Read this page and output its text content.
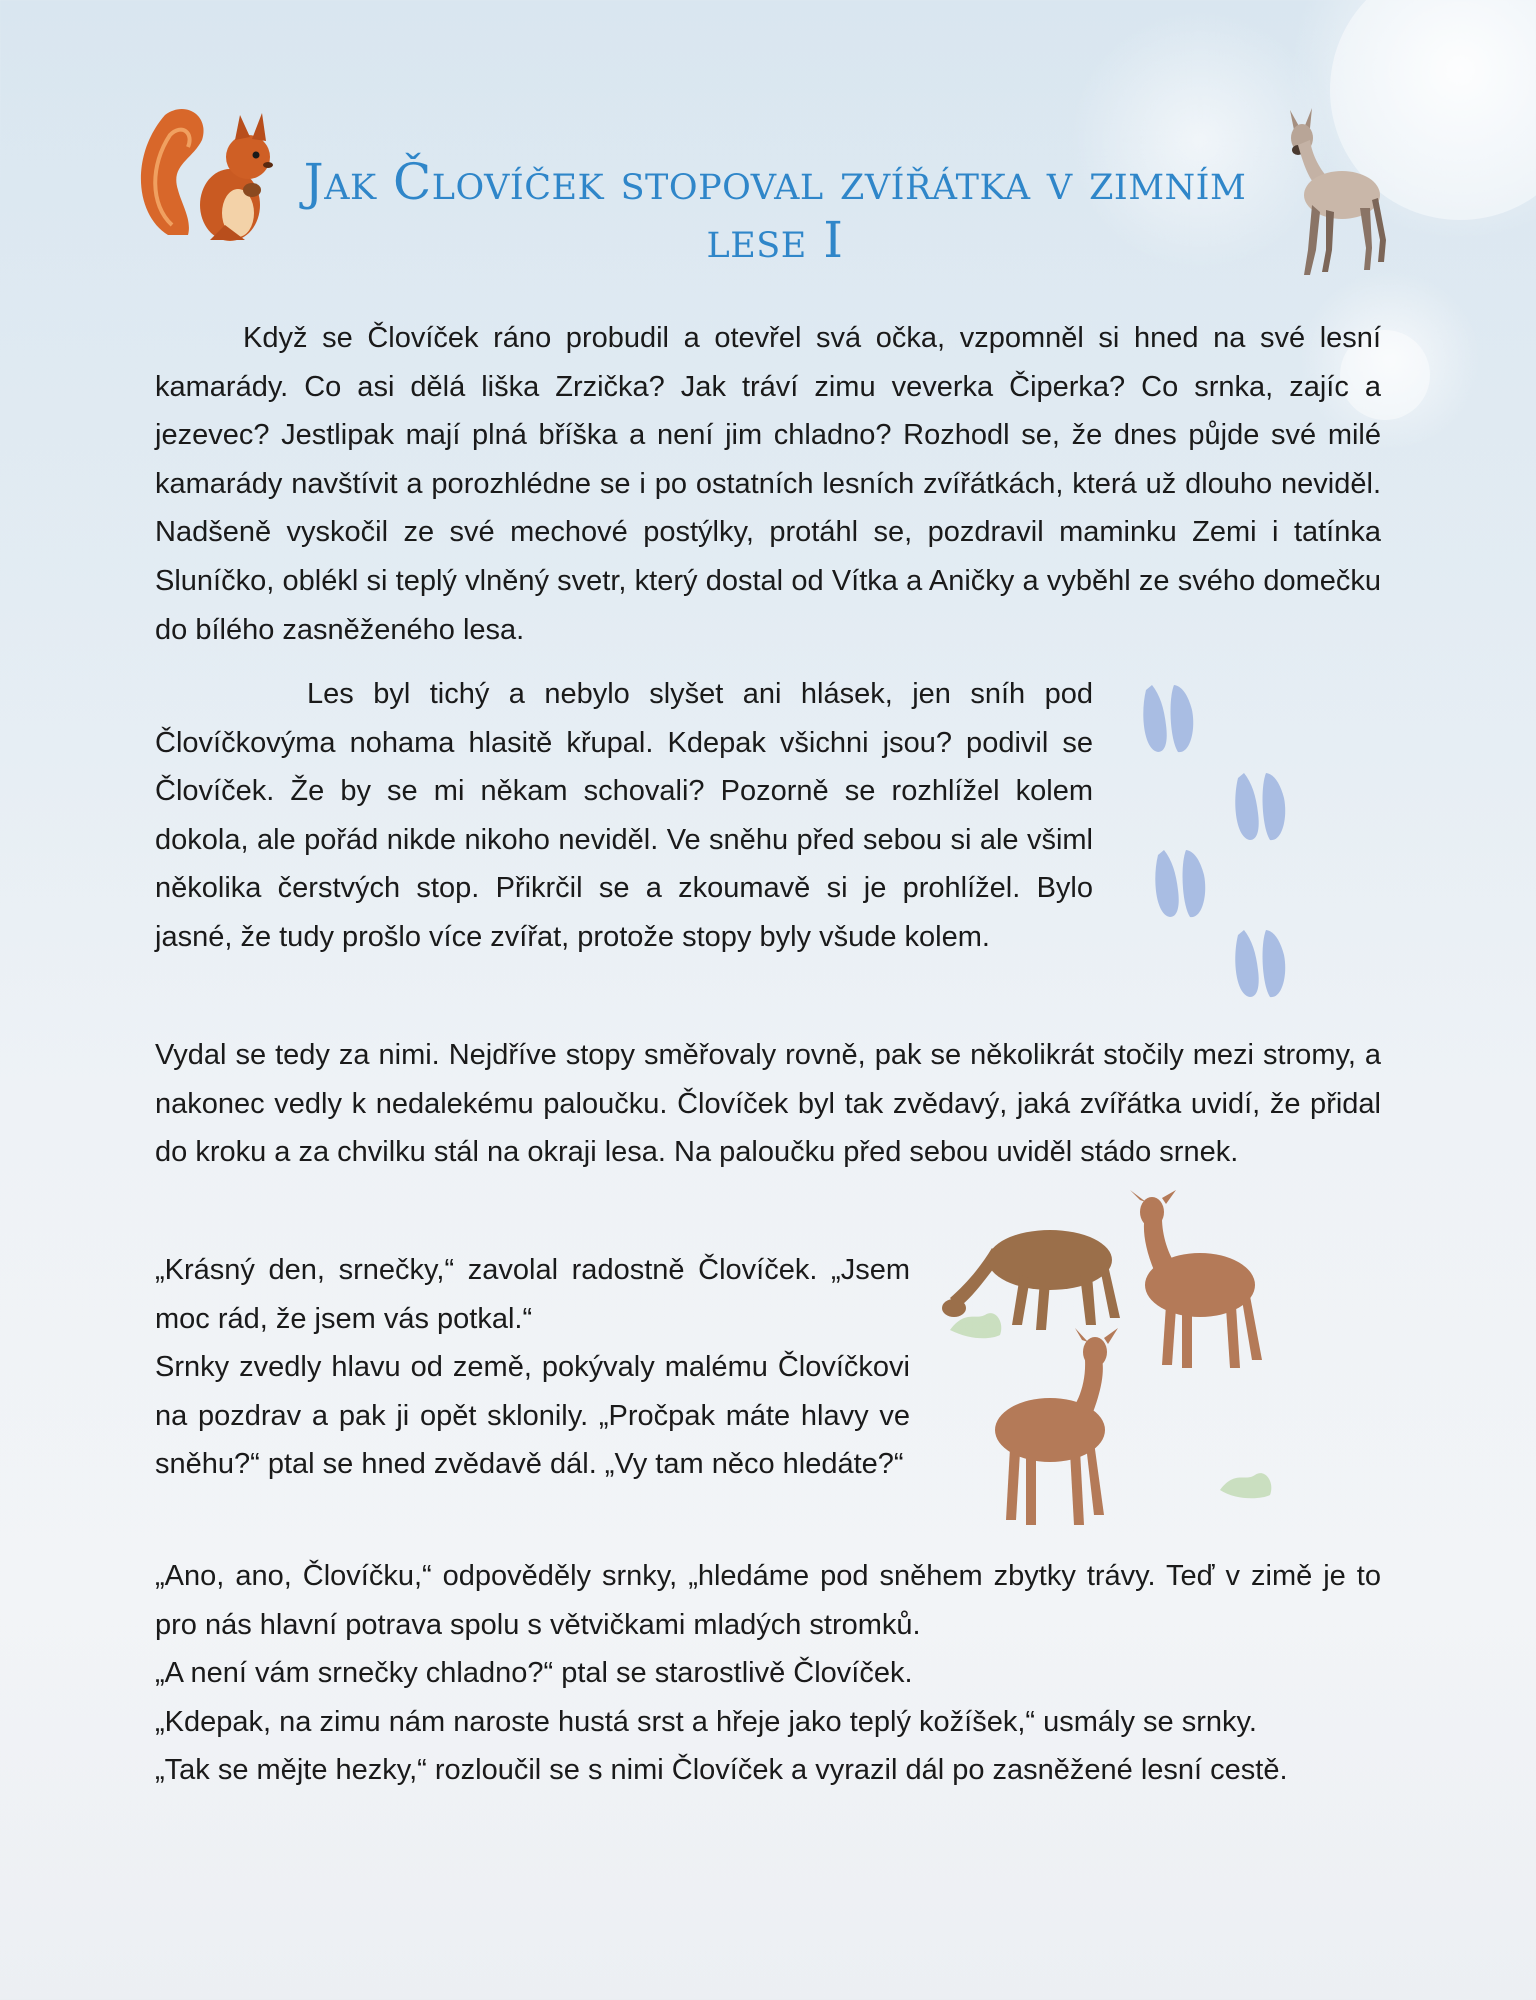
Jak Človíček stopoval zvířátka v zimním lese I

Když se Človíček ráno probudil a otevřel svá očka, vzpomněl si hned na své lesní kamarády. Co asi dělá liška Zrzička? Jak tráví zimu veverka Čiperka? Co srnka, zajíc a jezevec? Jestlipak mají plná bříška a není jim chladno? Rozhodl se, že dnes půjde své milé kamarády navštívit a porozhlédne se i po ostatních lesních zvířátkách, která už dlouho neviděl. Nadšeně vyskočil ze své mechové postýlky, protáhl se, pozdravil maminku Zemi i tatínka Sluníčko, oblékl si teplý vlněný svetr, který dostal od Vítka a Aničky a vyběhl ze svého domečku do bílého zasněženého lesa.

Les byl tichý a nebylo slyšet ani hlásek, jen sníh pod Človíčkovýma nohama hlasitě křupal. Kdepak všichni jsou? podivil se Človíček. Že by se mi někam schovali? Pozorně se rozhlížel kolem dokola, ale pořád nikde nikoho neviděl. Ve sněhu před sebou si ale všiml několika čerstvých stop. Přikrčil se a zkoumavě si je prohlížel. Bylo jasné, že tudy prošlo více zvířat, protože stopy byly všude kolem.

Vydal se tedy za nimi. Nejdříve stopy směřovaly rovně, pak se několikrát stočily mezi stromy, a nakonec vedly k nedalekému paloučku. Človíček byl tak zvědavý, jaká zvířátka uvidí, že přidal do kroku a za chvilku stál na okraji lesa. Na paloučku před sebou uviděl stádo srnek.

„Krásný den, srnečky,“ zavolal radostně Človíček. „Jsem moc rád, že jsem vás potkal.“
Srnky zvedly hlavu od země, pokývaly malému Človíčkovi na pozdrav a pak ji opět sklonily. „Pročpak máte hlavy ve sněhu?“ ptal se hned zvědavě dál. „Vy tam něco hledáte?“
„Ano, ano, Človíčku,“ odpověděly srnky, „hledáme pod sněhem zbytky trávy. Teď v zimě je to pro nás hlavní potrava spolu s větvičkami mladých stromků.
„A není vám srnečky chladno?“ ptal se starostlivě Človíček.
„Kdepak, na zimu nám naroste hustá srst a hřeje jako teplý kožíšek,“ usmály se srnky.
„Tak se mějte hezky,“ rozloučil se s nimi Človíček a vyrazil dál po zasněžené lesní cestě.
